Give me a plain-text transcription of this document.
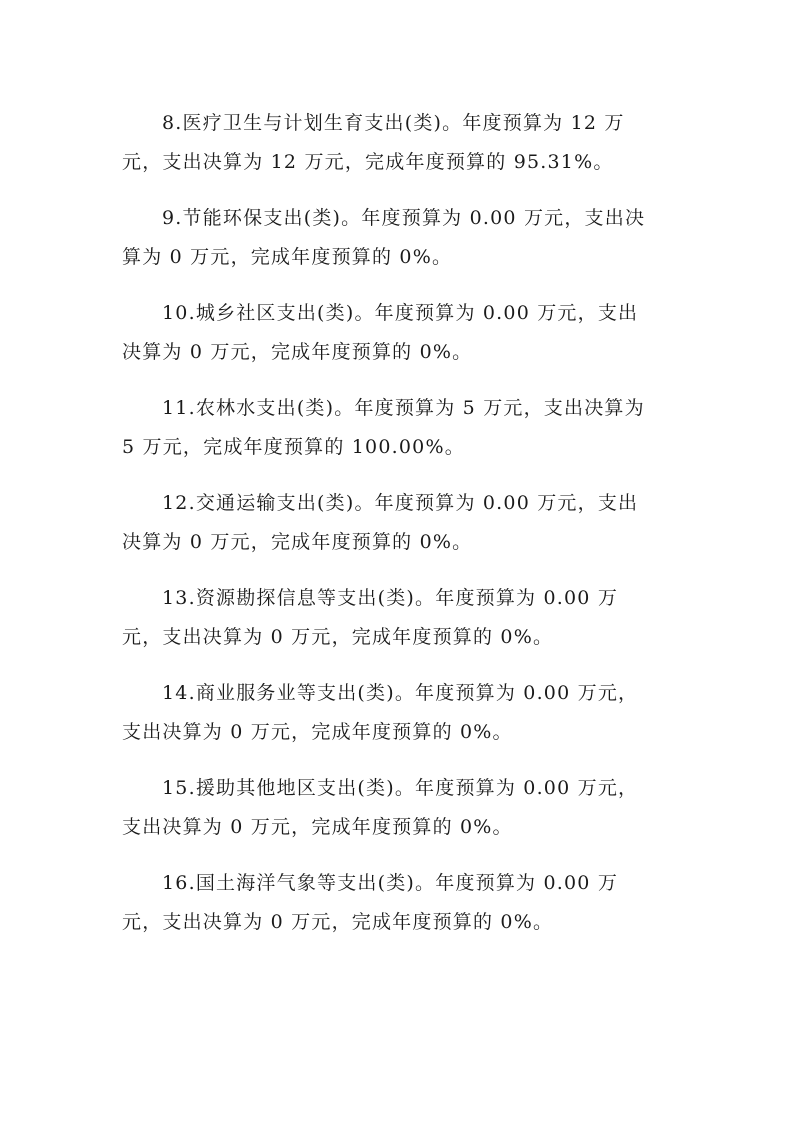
8.医疗卫生与计划生育支出(类)。年度预算为 12 万
元，支出决算为 12 万元，完成年度预算的 95.31%。
9.节能环保支出(类)。年度预算为 0.00 万元，支出决
算为 0 万元，完成年度预算的 0%。
10.城乡社区支出(类)。年度预算为 0.00 万元，支出
决算为 0 万元，完成年度预算的 0%。
11.农林水支出(类)。年度预算为 5 万元，支出决算为
5 万元，完成年度预算的 100.00%。
12.交通运输支出(类)。年度预算为 0.00 万元，支出
决算为 0 万元，完成年度预算的 0%。
13.资源勘探信息等支出(类)。年度预算为 0.00 万
元，支出决算为 0 万元，完成年度预算的 0%。
14.商业服务业等支出(类)。年度预算为 0.00 万元，
支出决算为 0 万元，完成年度预算的 0%。
15.援助其他地区支出(类)。年度预算为 0.00 万元，
支出决算为 0 万元，完成年度预算的 0%。
16.国土海洋气象等支出(类)。年度预算为 0.00 万
元，支出决算为 0 万元，完成年度预算的 0%。
